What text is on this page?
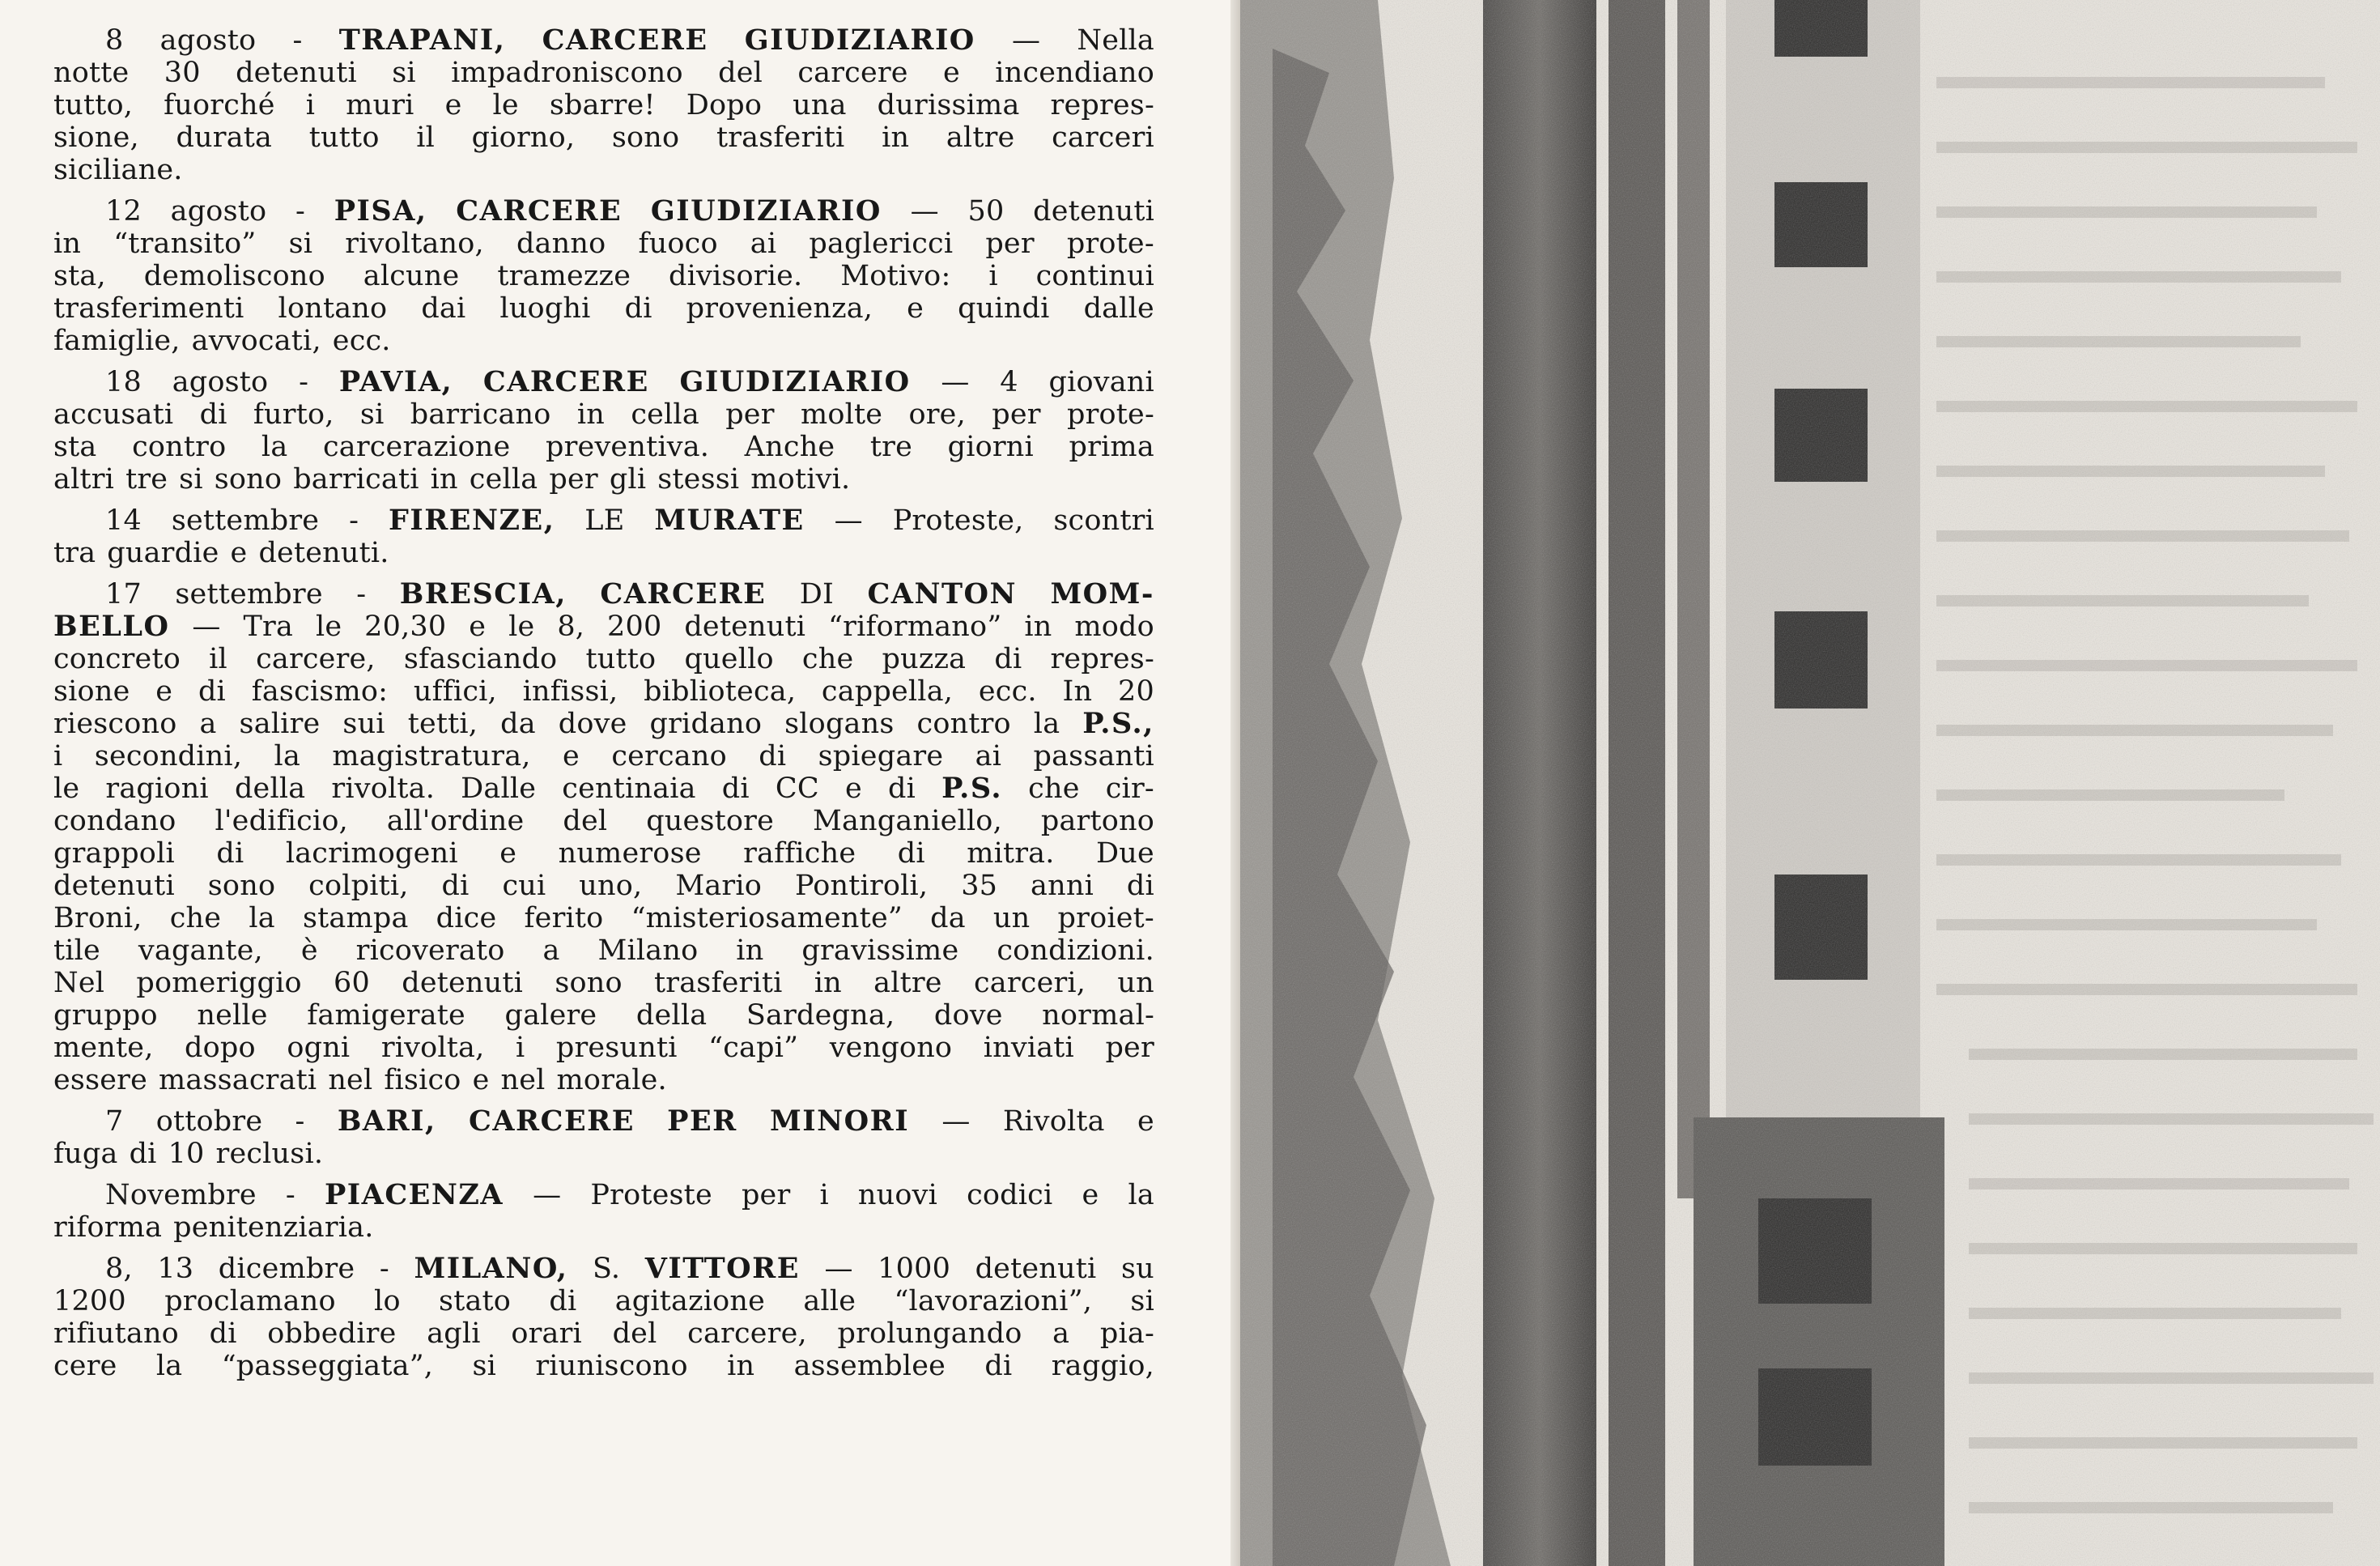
8 agosto - TRAPANI, CARCERE GIUDIZIARIO — Nella
notte 30 detenuti si impadroniscono del carcere e incendiano
tutto, fuorché i muri e le sbarre! Dopo una durissima repres-
sione, durata tutto il giorno, sono trasferiti in altre carceri
siciliane.
12 agosto - PISA, CARCERE GIUDIZIARIO — 50 detenuti
in “transito” si rivoltano, danno fuoco ai paglericci per prote-
sta, demoliscono alcune tramezze divisorie. Motivo: i continui
trasferimenti lontano dai luoghi di provenienza, e quindi dalle
famiglie, avvocati, ecc.
18 agosto - PAVIA, CARCERE GIUDIZIARIO — 4 giovani
accusati di furto, si barricano in cella per molte ore, per prote-
sta contro la carcerazione preventiva. Anche tre giorni prima
altri tre si sono barricati in cella per gli stessi motivi.
14 settembre - FIRENZE, LE MURATE — Proteste, scontri
tra guardie e detenuti.
17 settembre - BRESCIA, CARCERE DI CANTON MOM-
BELLO — Tra le 20,30 e le 8, 200 detenuti “riformano” in modo
concreto il carcere, sfasciando tutto quello che puzza di repres-
sione e di fascismo: uffici, infissi, biblioteca, cappella, ecc. In 20
riescono a salire sui tetti, da dove gridano slogans contro la P.S.,
i secondini, la magistratura, e cercano di spiegare ai passanti
le ragioni della rivolta. Dalle centinaia di CC e di P.S. che cir-
condano l'edificio, all'ordine del questore Manganiello, partono
grappoli di lacrimogeni e numerose raffiche di mitra. Due
detenuti sono colpiti, di cui uno, Mario Pontiroli, 35 anni di
Broni, che la stampa dice ferito “misteriosamente” da un proiet-
tile vagante, è ricoverato a Milano in gravissime condizioni.
Nel pomeriggio 60 detenuti sono trasferiti in altre carceri, un
gruppo nelle famigerate galere della Sardegna, dove normal-
mente, dopo ogni rivolta, i presunti “capi” vengono inviati per
essere massacrati nel fisico e nel morale.
7 ottobre - BARI, CARCERE PER MINORI — Rivolta e
fuga di 10 reclusi.
Novembre - PIACENZA — Proteste per i nuovi codici e la
riforma penitenziaria.
8, 13 dicembre - MILANO, S. VITTORE — 1000 detenuti su
1200 proclamano lo stato di agitazione alle “lavorazioni”, si
rifiutano di obbedire agli orari del carcere, prolungando a pia-
cere la “passeggiata”, si riuniscono in assemblee di raggio,
